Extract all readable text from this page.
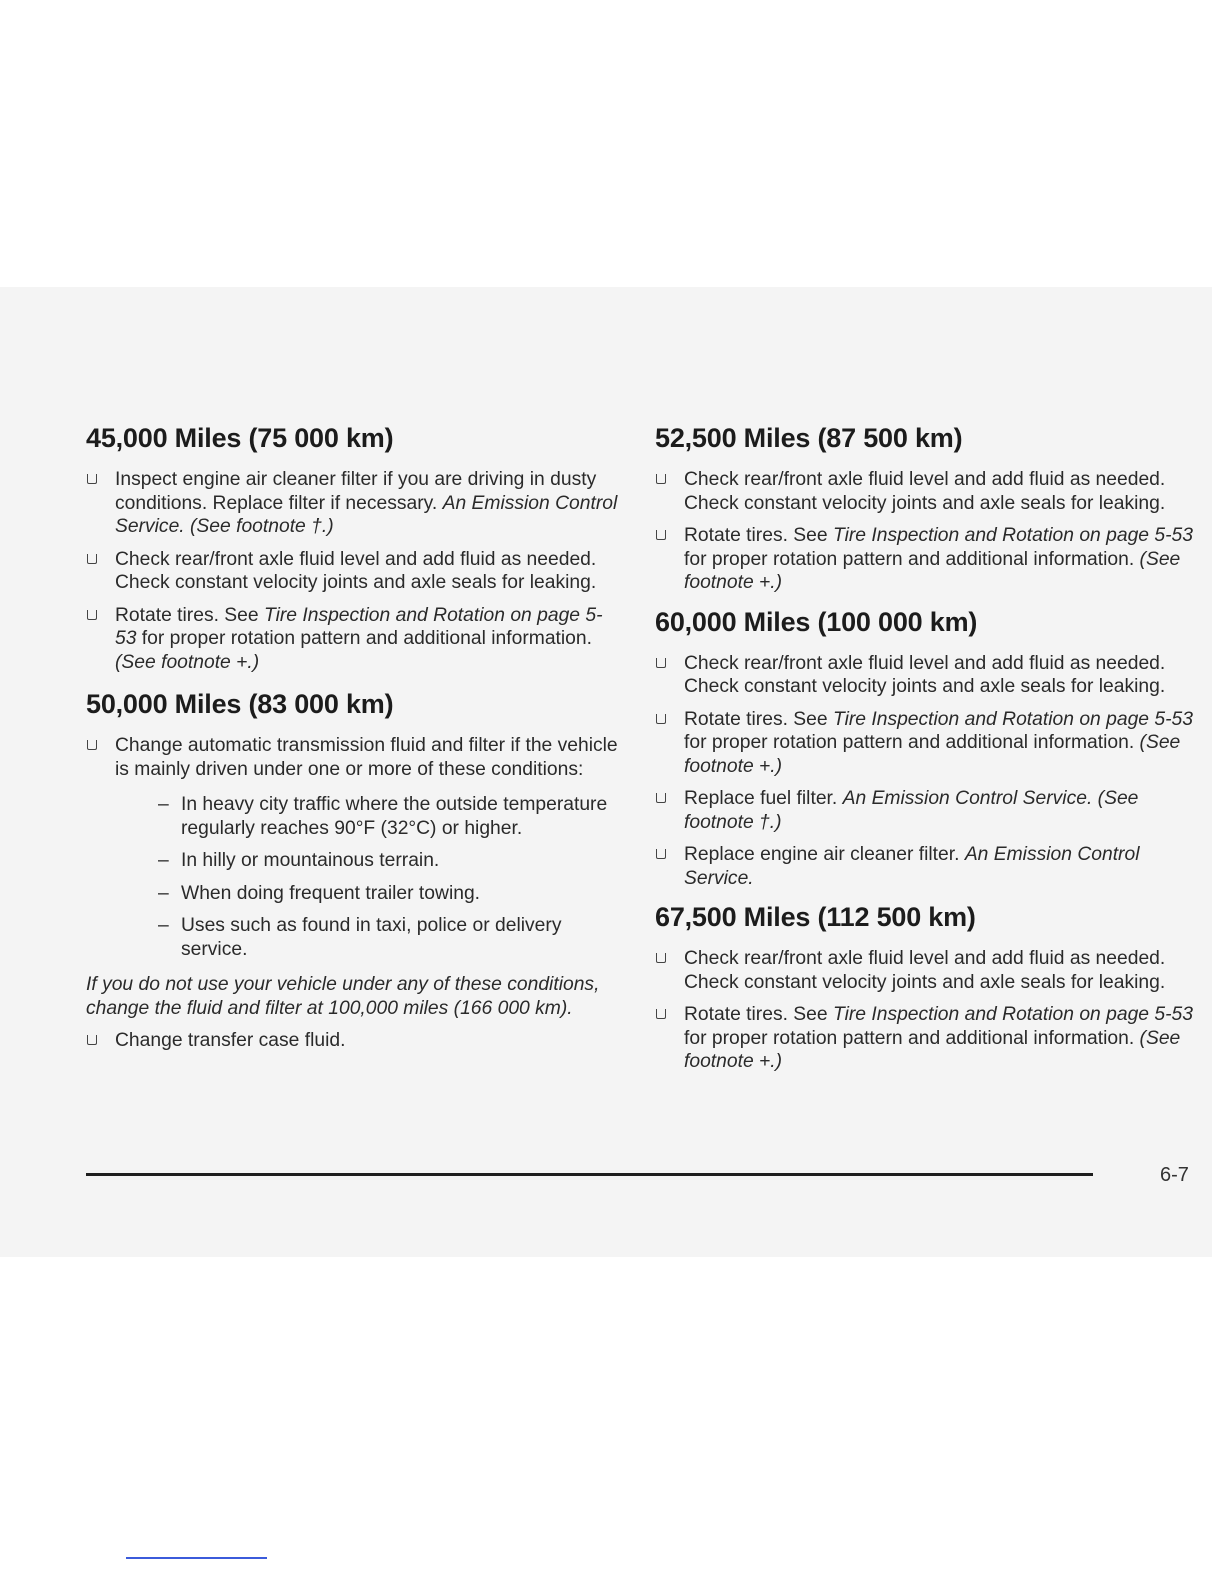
45,000 Miles (75 000 km)
Inspect engine air cleaner filter if you are driving in dusty conditions. Replace filter if necessary. An Emission Control Service. (See footnote †.)
Check rear/front axle fluid level and add fluid as needed. Check constant velocity joints and axle seals for leaking.
Rotate tires. See Tire Inspection and Rotation on page 5-53 for proper rotation pattern and additional information. (See footnote +.)
50,000 Miles (83 000 km)
Change automatic transmission fluid and filter if the vehicle is mainly driven under one or more of these conditions:
– In heavy city traffic where the outside temperature regularly reaches 90°F (32°C) or higher.
– In hilly or mountainous terrain.
– When doing frequent trailer towing.
– Uses such as found in taxi, police or delivery service.

If you do not use your vehicle under any of these conditions, change the fluid and filter at 100,000 miles (166 000 km).

Change transfer case fluid.
52,500 Miles (87 500 km)
Check rear/front axle fluid level and add fluid as needed. Check constant velocity joints and axle seals for leaking.
Rotate tires. See Tire Inspection and Rotation on page 5-53 for proper rotation pattern and additional information. (See footnote +.)
60,000 Miles (100 000 km)
Check rear/front axle fluid level and add fluid as needed. Check constant velocity joints and axle seals for leaking.
Rotate tires. See Tire Inspection and Rotation on page 5-53 for proper rotation pattern and additional information. (See footnote +.)
Replace fuel filter. An Emission Control Service. (See footnote †.)
Replace engine air cleaner filter. An Emission Control Service.
67,500 Miles (112 500 km)
Check rear/front axle fluid level and add fluid as needed. Check constant velocity joints and axle seals for leaking.
Rotate tires. See Tire Inspection and Rotation on page 5-53 for proper rotation pattern and additional information. (See footnote +.)
6-7
